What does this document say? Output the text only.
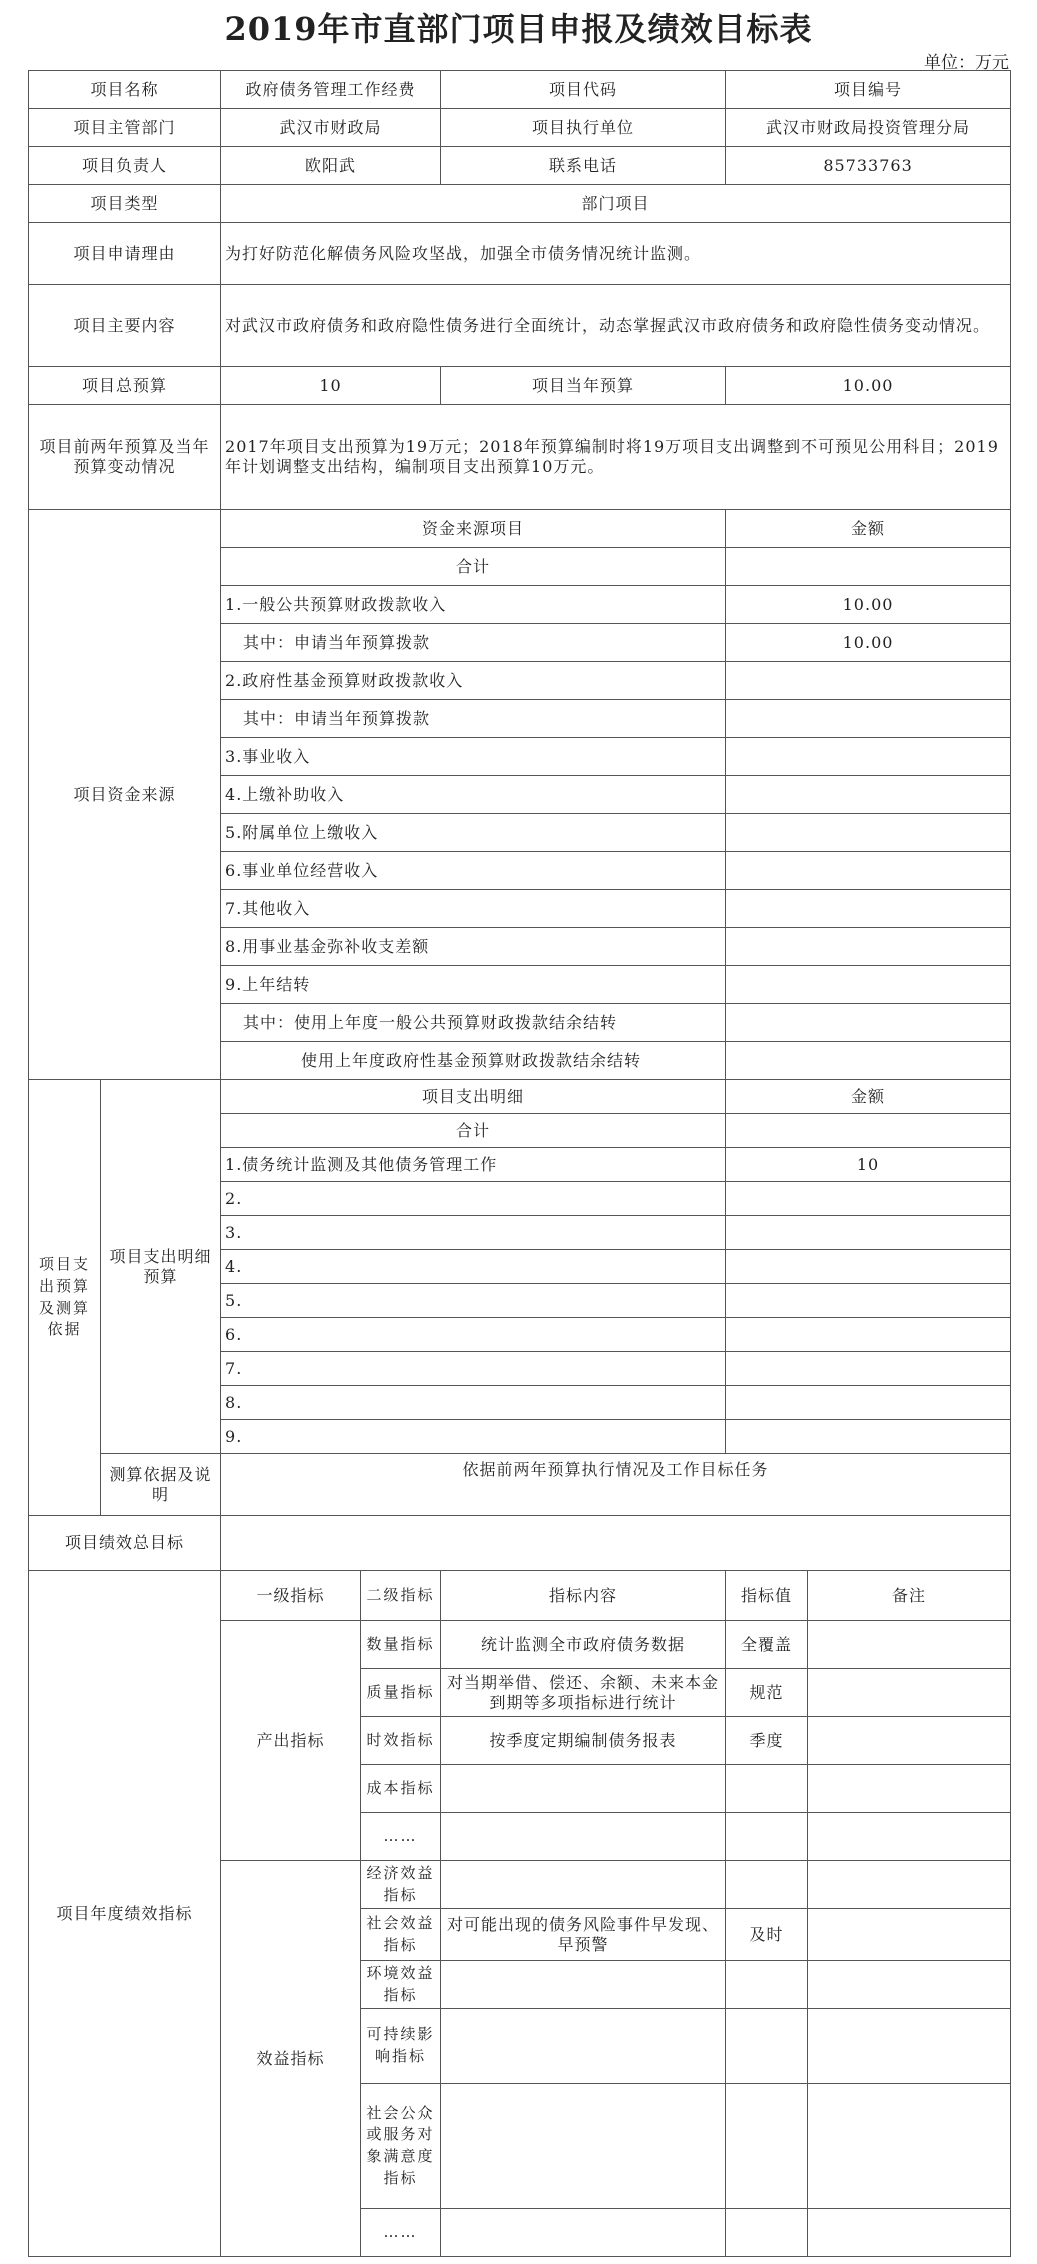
2019年市直部门项目申报及绩效目标表
单位：万元
项目名称		政府债务管理工作经费		项目代码	项目编号	
项目主管部门		武汉市财政局		项目执行单位	武汉市财政局投资管理分局	
项目负责人		欧阳武		联系电话	85733763	
项目类型		部门项目				
项目申请理由		为打好防范化解债务风险攻坚战，加强全市债务情况统计监测。				
项目主要内容		对武汉市政府债务和政府隐性债务进行全面统计，动态掌握武汉市政府债务和政府隐性债务变动情况。				
项目总预算		10		项目当年预算	10.00	
项目前两年预算及当年预算变动情况		2017年项目支出预算为19万元；2018年预算编制时将19万项目支出调整到不可预见公用科目；2019年计划调整支出结构，编制项目支出预算10万元。				
项目资金来源		资金来源项目			金额	
		合计				
		1.一般公共预算财政拨款收入			10.00	
		其中：申请当年预算拨款			10.00	
		2.政府性基金预算财政拨款收入				
		其中：申请当年预算拨款				
		3.事业收入				
		4.上缴补助收入				
		5.附属单位上缴收入				
		6.事业单位经营收入				
		7.其他收入				
		8.用事业基金弥补收支差额				
		9.上年结转				
		其中：使用上年度一般公共预算财政拨款结余结转				
		使用上年度政府性基金预算财政拨款结余结转				
项目支出预算及测算依据	项目支出明细预算	项目支出明细			金额	
		合计				
		1.债务统计监测及其他债务管理工作			10	
		2.				
		3.				
		4.				
		5.				
		6.				
		7.				
		8.				
		9.				
	测算依据及说明	依据前两年预算执行情况及工作目标任务				

项目绩效总目标						
项目年度绩效指标		一级指标	二级指标	指标内容	指标值	备注
		产出指标	数量指标	统计监测全市政府债务数据	全覆盖	
			质量指标	对当期举借、偿还、余额、未来本金到期等多项指标进行统计	规范	
			时效指标	按季度定期编制债务报表	季度	
			成本指标			
			……			
		效益指标	经济效益指标			
			社会效益指标	对可能出现的债务风险事件早发现、早预警	及时	
			环境效益指标			
			可持续影响指标			
			社会公众或服务对象满意度指标			
			……			
